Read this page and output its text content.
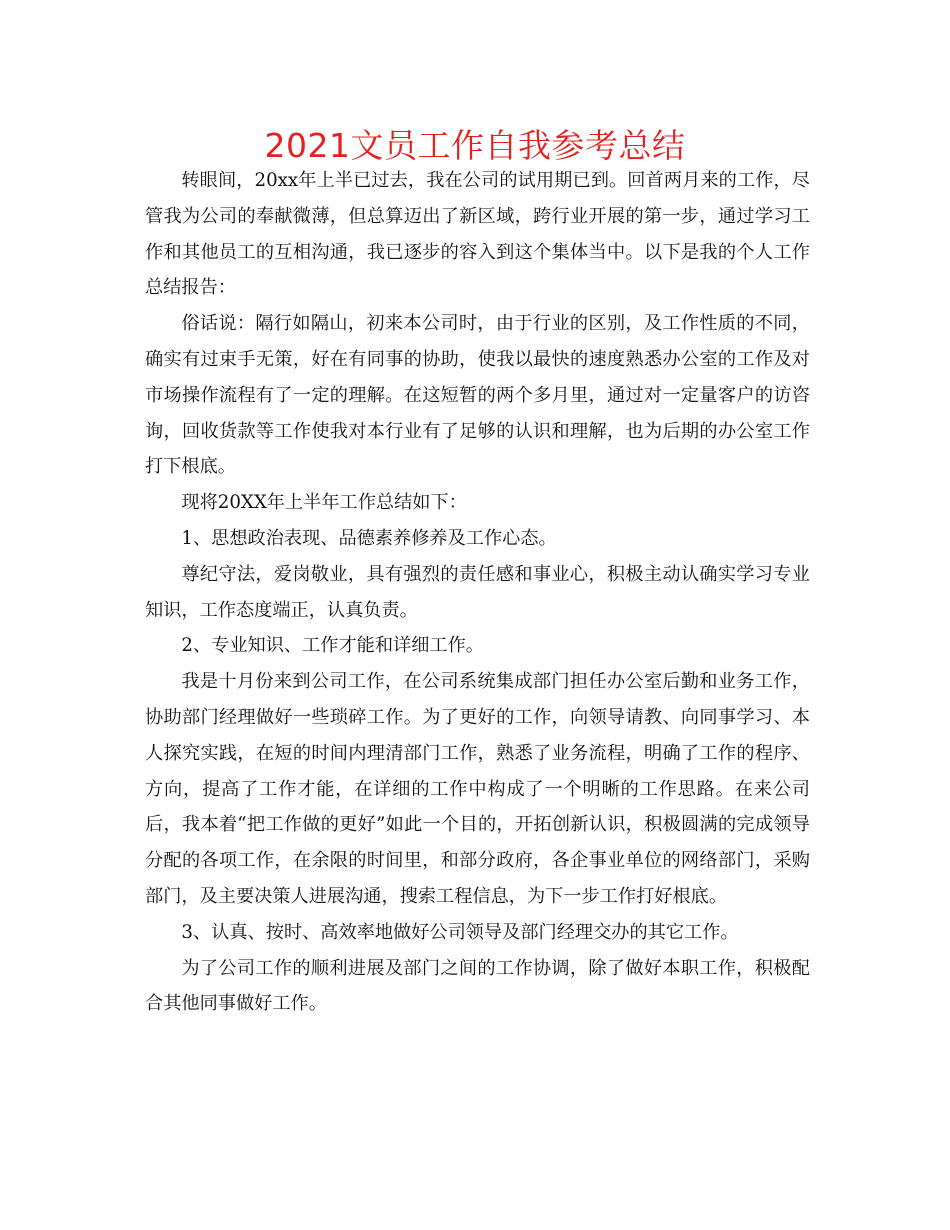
2021文员工作自我参考总结

转眼间，20xx年上半已过去，我在公司的试用期已到。回首两月来的工作，尽管我为公司的奉献微薄，但总算迈出了新区域，跨行业开展的第一步，通过学习工作和其他员工的互相沟通，我已逐步的容入到这个集体当中。以下是我的个人工作总结报告：

俗话说：隔行如隔山，初来本公司时，由于行业的区别，及工作性质的不同，确实有过束手无策，好在有同事的协助，使我以最快的速度熟悉办公室的工作及对市场操作流程有了一定的理解。在这短暂的两个多月里，通过对一定量客户的访咨询，回收货款等工作使我对本行业有了足够的认识和理解，也为后期的办公室工作打下根底。

现将20XX年上半年工作总结如下：

1、思想政治表现、品德素养修养及工作心态。

尊纪守法，爱岗敬业，具有强烈的责任感和事业心，积极主动认确实学习专业知识，工作态度端正，认真负责。

2、专业知识、工作才能和详细工作。

我是十月份来到公司工作，在公司系统集成部门担任办公室后勤和业务工作，协助部门经理做好一些琐碎工作。为了更好的工作，向领导请教、向同事学习、本人探究实践，在短的时间内理清部门工作，熟悉了业务流程，明确了工作的程序、方向，提高了工作才能，在详细的工作中构成了一个明晰的工作思路。在来公司后，我本着“把工作做的更好”如此一个目的，开拓创新认识，积极圆满的完成领导分配的各项工作，在余限的时间里，和部分政府，各企事业单位的网络部门，采购部门，及主要决策人进展沟通，搜索工程信息，为下一步工作打好根底。

3、认真、按时、高效率地做好公司领导及部门经理交办的其它工作。

为了公司工作的顺利进展及部门之间的工作协调，除了做好本职工作，积极配合其他同事做好工作。
